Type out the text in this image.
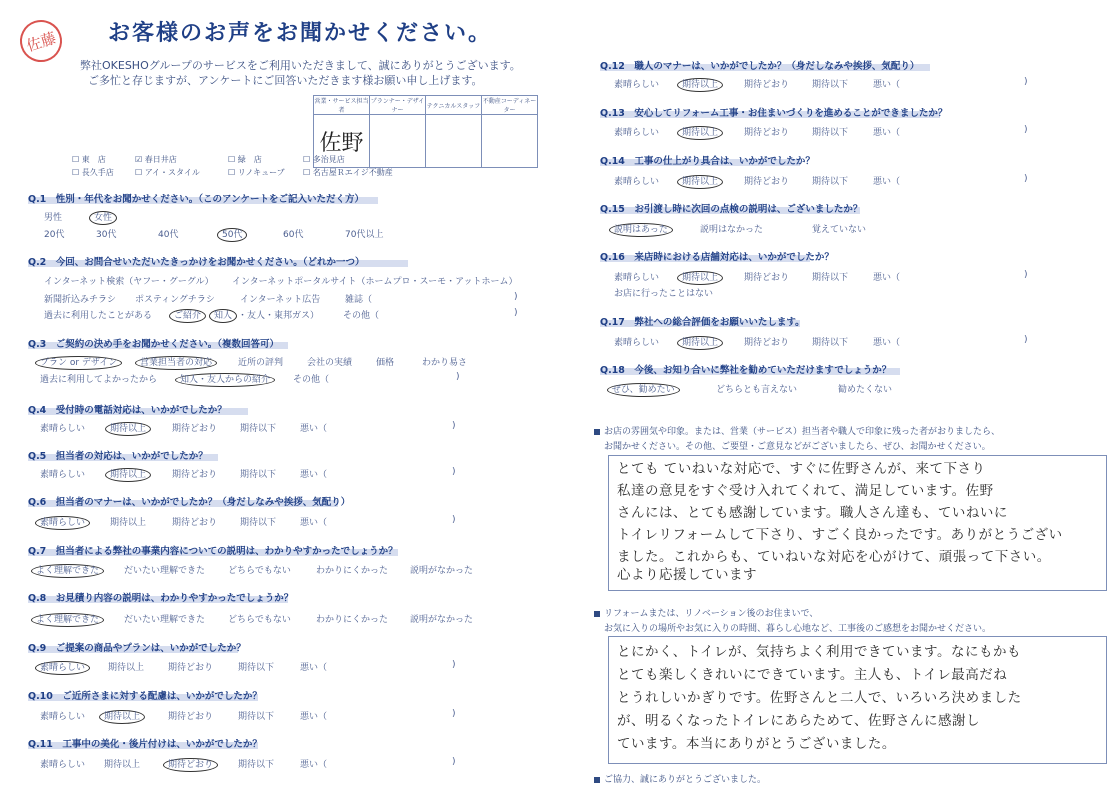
佐藤	お客様のお声をお聞かせください。
弊社OKESHOグループのサービスをご利用いただきまして、誠にありがとうございます。
ご多忙と存じますが、アンケートにご回答いただきます様お願い申し上げます。
営業・サービス担当者	プランナー・デザイナー	テクニカルスタッフ	不動産コーディネーター
佐野			
☐ 東　店	☑ 春日井店	☐ 緑　店	☐ 多治見店
☐ 長久手店	☐ アイ・スタイル	☐ リノキューブ ☐ 名古屋Ｒエイジ不動産
Q.1　性別・年代をお聞かせください。（このアンケートをご記入いただく方）
男性	女性
20代	30代	40代	50代	60代	70代以上
Q.2　今回、お問合せいただいたきっかけをお聞かせください。（どれか一つ）
インターネット検索（ヤフー・グーグル） インターネットポータルサイト（ホームプロ・スーモ・アットホーム）
新聞折込みチラシ ポスティングチラシ	インターネット広告	雑誌（	)
過去に利用したことがある ご紹介	知人 ・友人・東邦ガス）	その他（	)
Q.3　ご契約の決め手をお聞かせください。（複数回答可）
プラン or デザイン	営業担当者の対応	近所の評判	会社の実績	価格	わかり易さ
過去に利用してよかったから	知人・友人からの紹介	その他（	)
Q.4　受付時の電話対応は、いかがでしたか？
素晴らしい	期待以上	期待どおり	期待以下	悪い（	)
Q.5　担当者の対応は、いかがでしたか？
素晴らしい	期待以上	期待どおり	期待以下	悪い（	)
Q.6　担当者のマナーは、いかがでしたか？（身だしなみや挨拶、気配り）
素晴らしい	期待以上	期待どおり	期待以下	悪い（	)
Q.7　担当者による弊社の事業内容についての説明は、わかりやすかったでしょうか？
よく理解できた	だいたい理解できた	どちらでもない	わかりにくかった 説明がなかった
Q.8　お見積り内容の説明は、わかりやすかったでしょうか？
よく理解できた	だいたい理解できた	どちらでもない	わかりにくかった 説明がなかった
Q.9　ご提案の商品やプランは、いかがでしたか？
素晴らしい	期待以上	期待どおり	期待以下	悪い（	)
Q.10　ご近所さまに対する配慮は、いかがでしたか？
素晴らしい 期待以上	期待どおり	期待以下	悪い（	)
Q.11　工事中の美化・後片付けは、いかがでしたか？
素晴らしい 期待以上	期待どおり	期待以下	悪い（	)
Q.12　職人のマナーは、いかがでしたか？（身だしなみや挨拶、気配り）
素晴らしい	期待以上	期待どおり	期待以下	悪い（	)
Q.13　安心してリフォーム工事・お住まいづくりを進めることができましたか？
素晴らしい	期待以上	期待どおり	期待以下	悪い（	)
Q.14　工事の仕上がり具合は、いかがでしたか？
素晴らしい	期待以上	期待どおり	期待以下	悪い（	)
Q.15　お引渡し時に次回の点検の説明は、ございましたか？
説明はあった	説明はなかった	覚えていない
Q.16　来店時における店舗対応は、いかがでしたか？
素晴らしい	期待以上	期待どおり	期待以下	悪い（	)
お店に行ったことはない
Q.17　弊社への総合評価をお願いいたします。
素晴らしい	期待以上	期待どおり	期待以下	悪い（	)
Q.18　今後、お知り合いに弊社を勧めていただけますでしょうか？
ぜひ、勧めたい	どちらとも言えない	勧めたくない
お店の雰囲気や印象。または、営業（サービス）担当者や職人で印象に残った者がおりましたら、
お聞かせください。その他、ご要望・ご意見などがございましたら、ぜひ、お聞かせください。
とても ていねいな対応で、すぐに佐野さんが、来て下さり
私達の意見をすぐ受け入れてくれて、満足しています。佐野
さんには、とても感謝しています。職人さん達も、ていねいに
トイレリフォームして下さり、すごく良かったです。ありがとうござい
ました。これからも、ていねいな対応を心がけて、頑張って下さい。
心より応援しています
リフォームまたは、リノベーション後のお住まいで、
お気に入りの場所やお気に入りの時間、暮らし心地など、工事後のご感想をお聞かせください。
とにかく、トイレが、気持ちよく利用できています。なにもかも
とても楽しくきれいにできています。主人も、トイレ最高だね
とうれしいかぎりです。佐野さんと二人で、いろいろ決めました
が、明るくなったトイレにあらためて、佐野さんに感謝し
ています。本当にありがとうございました。
ご協力、誠にありがとうございました。
